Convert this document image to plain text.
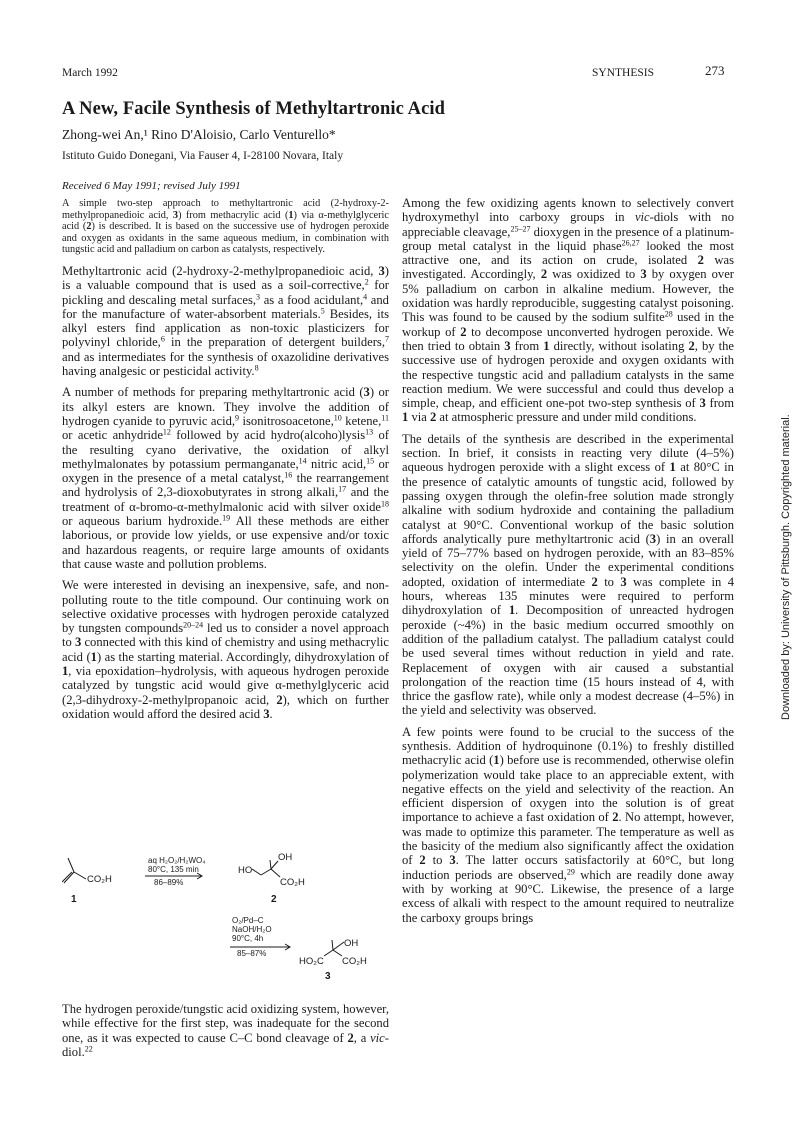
March 1992	SYNTHESIS	273
A New, Facile Synthesis of Methyltartronic Acid
Zhong-wei An,¹ Rino D'Aloisio, Carlo Venturello*
Istituto Guido Donegani, Via Fauser 4, I-28100 Novara, Italy
Received 6 May 1991; revised July 1991

A simple two-step approach to methyltartronic acid (2-hydroxy-2-methylpropanedioic acid, 3) from methacrylic acid (1) via α-methylglyceric acid (2) is described. It is based on the successive use of hydrogen peroxide and oxygen as oxidants in the same aqueous medium, in combination with tungstic acid and palladium on carbon as catalysts, respectively.

Methyltartronic acid (2-hydroxy-2-methylpropanedioic acid, 3) is a valuable compound that is used as a soil-corrective,$^2$ for pickling and descaling metal surfaces,$^3$ as a food acidulant,$^4$ and for the manufacture of water-absorbent materials.$^5$ Besides, its alkyl esters find application as non-toxic plasticizers for polyvinyl chloride,$^6$ in the preparation of detergent builders,$^7$ and as intermediates for the synthesis of oxazolidine derivatives having analgesic or pesticidal activity.$^8$

A number of methods for preparing methyltartronic acid (3) or its alkyl esters are known. They involve the addition of hydrogen cyanide to pyruvic acid,$^9$ isonitrosoacetone,$^{10}$ ketene,$^{11}$ or acetic anhydride$^{12}$ followed by acid hydro(alcoho)lysis$^{13}$ of the resulting cyano derivative, the oxidation of alkyl methylmalonates by potassium permanganate,$^{14}$ nitric acid,$^{15}$ or oxygen in the presence of a metal catalyst,$^{16}$ the rearrangement and hydrolysis of 2,3-dioxobutyrates in strong alkali,$^{17}$ and the treatment of α-bromo-α-methylmalonic acid with silver oxide$^{18}$ or aqueous barium hydroxide.$^{19}$ All these methods are either laborious, or provide low yields, or use expensive and/or toxic and hazardous reagents, or require large amounts of oxidants that cause waste and pollution problems.

We were interested in devising an inexpensive, safe, and non-polluting route to the title compound. Our continuing work on selective oxidative processes with hydrogen peroxide catalyzed by tungsten compounds$^{20-24}$ led us to consider a novel approach to 3 connected with this kind of chemistry and using methacrylic acid (1) as the starting material. Accordingly, dihydroxylation of 1, via epoxidation–hydrolysis, with aqueous hydrogen peroxide catalyzed by tungstic acid would give α-methylglyceric acid (2,3-dihydroxy-2-methylpropanoic acid, 2), which on further oxidation would afford the desired acid 3.

CO₂H
1
aq H₂O₂/H₂WO₄
80°C, 135 min
86–89%
HO
OH
CO₂H
2
O₂/Pd–C
NaOH/H₂O
90°C, 4h
85–87%
HO₂C
OH
CO₂H
3

The hydrogen peroxide/tungstic acid oxidizing system, however, while effective for the first step, was inadequate for the second one, as it was expected to cause C–C bond cleavage of 2, a vic-diol.$^{22}$

Among the few oxidizing agents known to selectively convert hydroxymethyl into carboxy groups in vic-diols with no appreciable cleavage,$^{25-27}$ dioxygen in the presence of a platinum-group metal catalyst in the liquid phase$^{26,27}$ looked the most attractive one, and its action on crude, isolated 2 was investigated. Accordingly, 2 was oxidized to 3 by oxygen over 5% palladium on carbon in alkaline medium. However, the oxidation was hardly reproducible, suggesting catalyst poisoning. This was found to be caused by the sodium sulfite$^{28}$ used in the workup of 2 to decompose unconverted hydrogen peroxide. We then tried to obtain 3 from 1 directly, without isolating 2, by the successive use of hydrogen peroxide and oxygen oxidants with the respective tungstic acid and palladium catalysts in the same reaction medium. We were successful and could thus develop a simple, cheap, and efficient one-pot two-step synthesis of 3 from 1 via 2 at atmospheric pressure and under mild conditions.

The details of the synthesis are described in the experimental section. In brief, it consists in reacting very dilute (4–5%) aqueous hydrogen peroxide with a slight excess of 1 at 80°C in the presence of catalytic amounts of tungstic acid, followed by passing oxygen through the olefin-free solution made strongly alkaline with sodium hydroxide and containing the palladium catalyst at 90°C. Conventional workup of the basic solution affords analytically pure methyltartronic acid (3) in an overall yield of 75–77% based on hydrogen peroxide, with an 83–85% selectivity on the olefin. Under the experimental conditions adopted, oxidation of intermediate 2 to 3 was complete in 4 hours, whereas 135 minutes were required to perform dihydroxylation of 1. Decomposition of unreacted hydrogen peroxide (~4%) in the basic medium occurred smoothly on addition of the palladium catalyst. The palladium catalyst could be used several times without reduction in yield and rate. Replacement of oxygen with air caused a substantial prolongation of the reaction time (15 hours instead of 4, with thrice the gasflow rate), while only a modest decrease (4–5%) in the yield and selectivity was observed.

A few points were found to be crucial to the success of the synthesis. Addition of hydroquinone (0.1%) to freshly distilled methacrylic acid (1) before use is recommended, otherwise olefin polymerization would take place to an appreciable extent, with negative effects on the yield and selectivity of the reaction. An efficient dispersion of oxygen into the solution is of great importance to achieve a fast oxidation of 2. No attempt, however, was made to optimize this parameter. The temperature as well as the basicity of the medium also significantly affect the oxidation of 2 to 3. The latter occurs satisfactorily at 60°C, but long induction periods are observed,$^{29}$ which are readily done away with by working at 90°C. Likewise, the presence of a large excess of alkali with respect to the amount required to neutralize the carboxy groups brings

Downloaded by: University of Pittsburgh. Copyrighted material.
